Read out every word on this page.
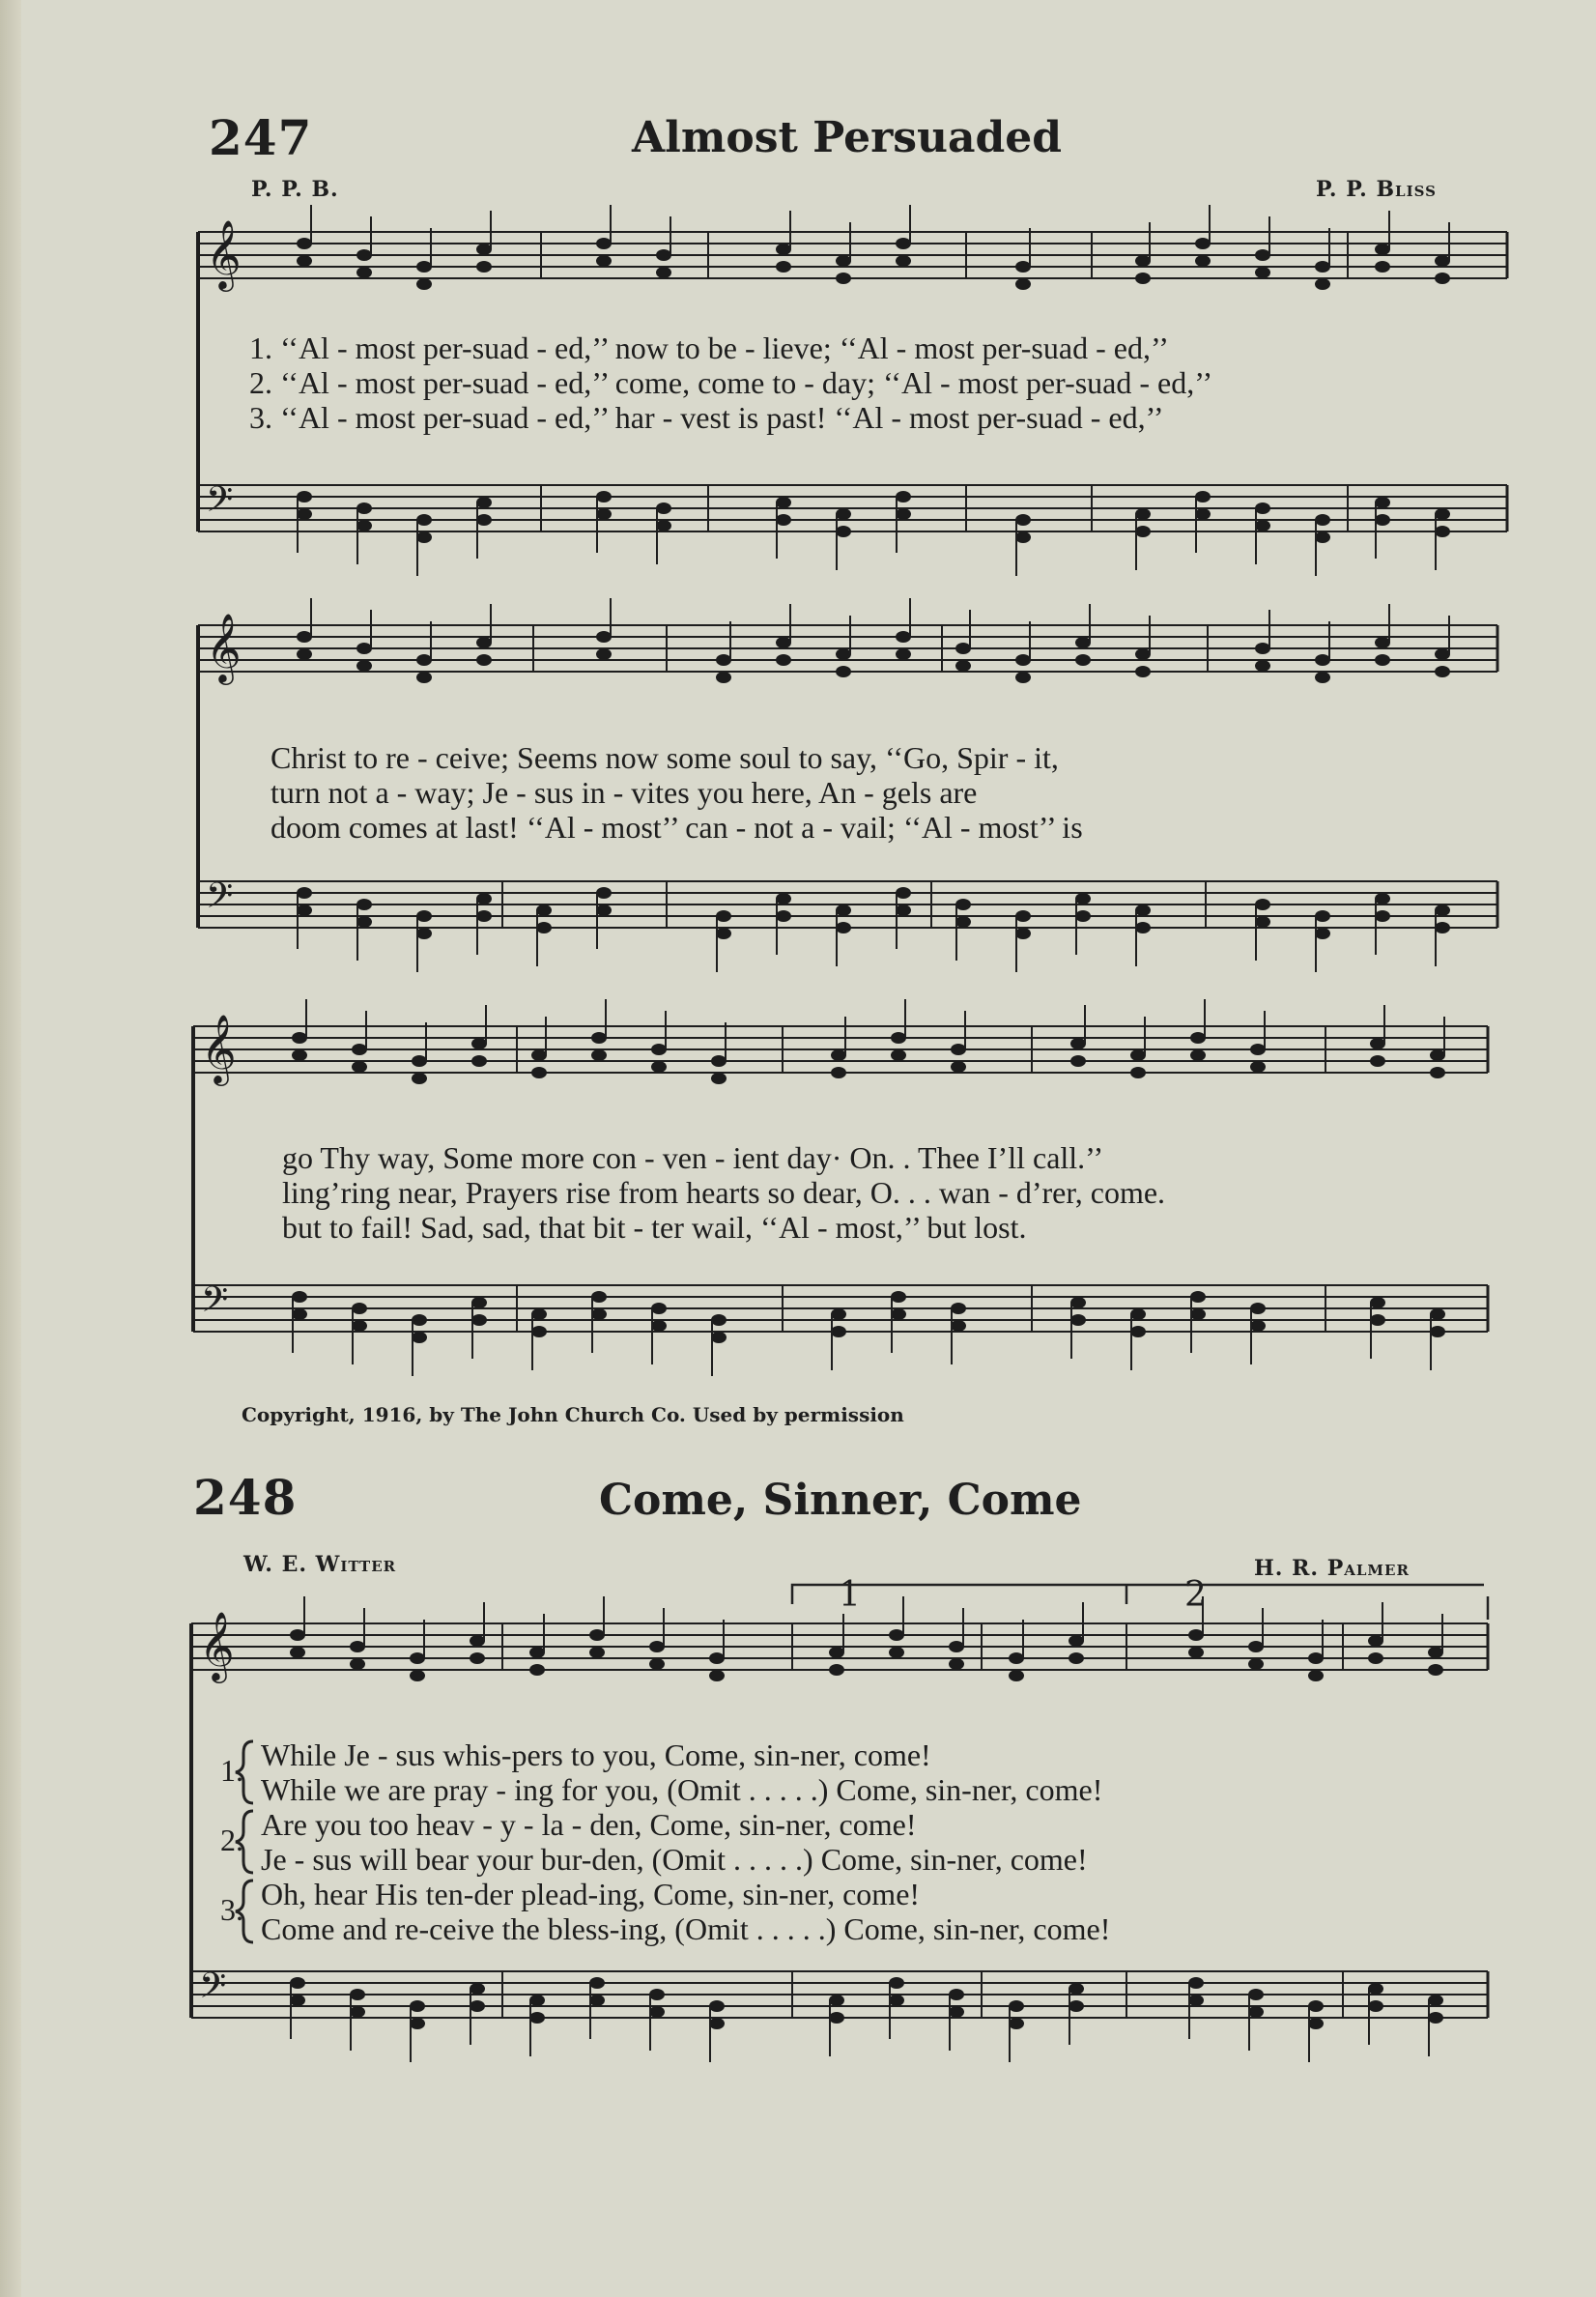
247	Almost Persuaded
P. P. B.	P. P. Bliss
1. ‘‘Al - most per-suad - ed,’’ now to be - lieve; ‘‘Al - most per-suad - ed,’’
2. ‘‘Al - most per-suad - ed,’’ come, come to - day; ‘‘Al - most per-suad - ed,’’
3. ‘‘Al - most per-suad - ed,’’ har - vest is past! ‘‘Al - most per-suad - ed,’’
Christ to re - ceive; Seems now some soul to say, ‘‘Go, Spir - it,
turn not a - way; Je - sus in - vites you here, An - gels are
doom comes at last! ‘‘Al - most’’ can - not a - vail; ‘‘Al - most’’ is
go Thy way, Some more con - ven - ient day· On. . Thee I’ll call.’’
ling’ring near, Prayers rise from hearts so dear, O. . . wan - d’rer, come.
but to fail! Sad, sad, that bit - ter wail, ‘‘Al - most,’’ but lost.
Copyright, 1916, by The John Church Co. Used by permission
248	Come, Sinner, Come
W. E. Witter	H. R. Palmer
1	2
1. While Je - sus whis-pers to you, Come, sin-ner, come!
While we are pray - ing for you, (Omit . . . . .) Come, sin-ner, come!
2. Are you too heav - y - la - den, Come, sin-ner, come!
Je - sus will bear your bur-den, (Omit . . . . .) Come, sin-ner, come!
3. Oh, hear His ten-der plead-ing, Come, sin-ner, come!
Come and re-ceive the bless-ing, (Omit . . . . .) Come, sin-ner, come!
𝄞
𝄢
𝄞
𝄢
𝄞
𝄢
𝄞
𝄢
